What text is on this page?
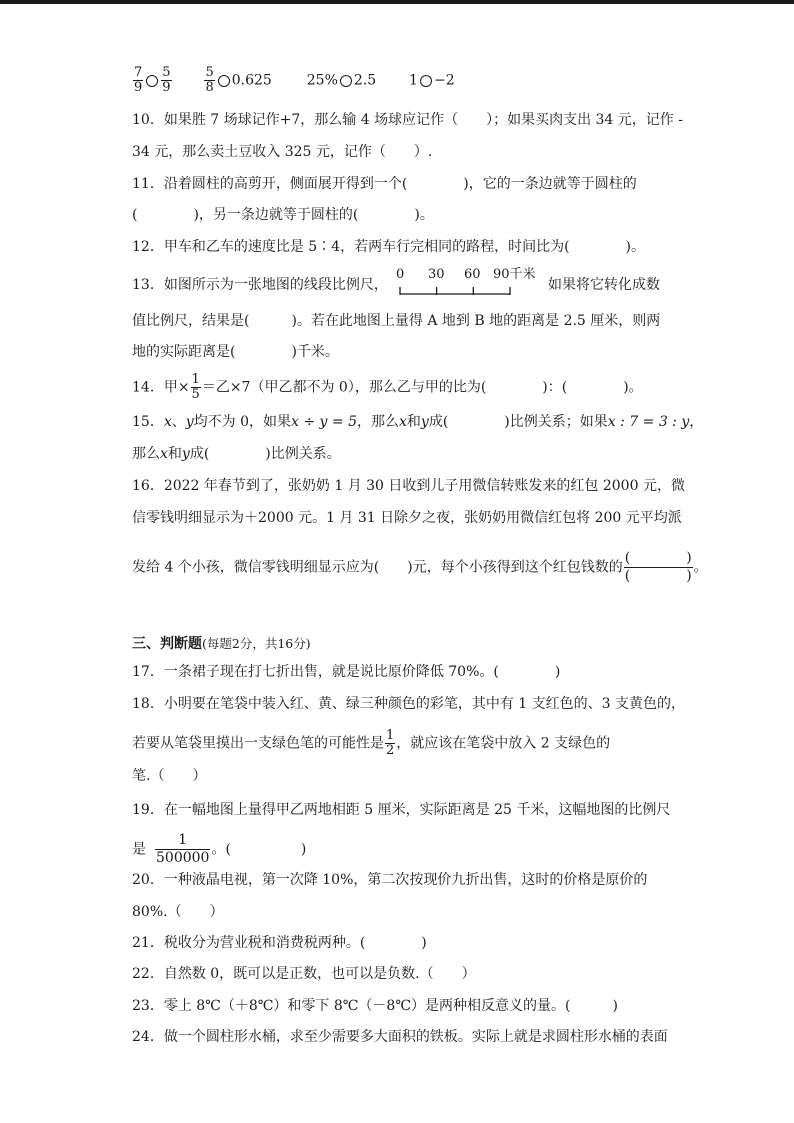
$\frac{7}{9} \frac{5}{9}$
	$\frac{5}{8} 0.625$ 25% 2.5 1 −2
10．如果胜 7 场球记作+7，那么输 4 场球应记作（　　）；如果买肉支出 34 元，记作 -
34 元，那么卖土豆收入 325 元，记作（　　）.
11．沿着圆柱的高剪开，侧面展开得到一个(　　　　)，它的一条边就等于圆柱的
(　　　　)，另一条边就等于圆柱的(　　　　)。
12．甲车和乙车的速度比是 5∶4，若两车行完相同的路程，时间比为(　　　　)。
13．如图所示为一张地图的线段比例尺，
0 30 60 90千米
如果将它转化成数
值比例尺，结果是(　　　)。若在此地图上量得 A 地到 B 地的距离是 2.5 厘米，则两
地的实际距离是(　　　　)千米。
14．甲× $\frac{1}{5}$ ＝乙×7（甲乙都不为 0），那么乙与甲的比为(　　　　)：(　　　　)。
15．x、y均不为 0，如果x ÷ y = 5，那么x和y成(　　　　)比例关系；如果x : 7 = 3 : y，
那么x和y成(　　　　)比例关系。
16．2022 年春节到了，张奶奶 1 月 30 日收到儿子用微信转账发来的红包 2000 元，微
信零钱明细显示为＋2000 元。1 月 31 日除夕之夜，张奶奶用微信红包将 200 元平均派
发给 4 个小孩，微信零钱明细显示应为(　　)元，每个小孩得到这个红包钱数的 $\frac{( )}{( )}$ 。
三、判断题(每题2分，共16分)
17．一条裙子现在打七折出售，就是说比原价降低 70%。(　　　　)
18．小明要在笔袋中装入红、黄、绿三种颜色的彩笔，其中有 1 支红色的、3 支黄色的，
若要从笔袋里摸出一支绿色笔的可能性是 $\frac{1}{2}$ ，就应该在笔袋中放入 2 支绿色的
笔.（　　）
19．在一幅地图上量得甲乙两地相距 5 厘米，实际距离是 25 千米，这幅地图的比例尺
是 $\frac{1}{500000}$ 。(　　　　　)
20．一种液晶电视，第一次降 10%，第二次按现价九折出售，这时的价格是原价的
80%.（　　）
21．税收分为营业税和消费税两种。(　　　　)
22．自然数 0，既可以是正数，也可以是负数.（　　）
23．零上 8℃（＋8℃）和零下 8℃（－8℃）是两种相反意义的量。(　　　)
24．做一个圆柱形水桶，求至少需要多大面积的铁板。实际上就是求圆柱形水桶的表面
